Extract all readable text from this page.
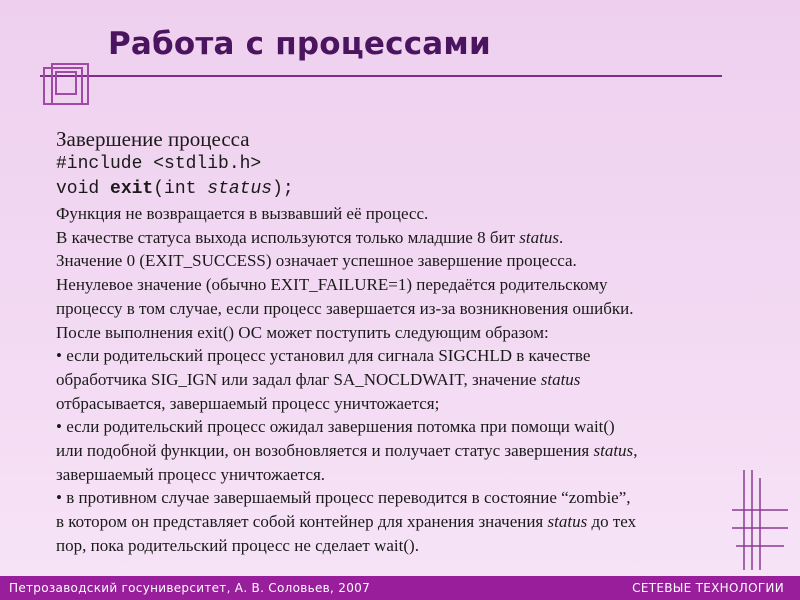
Работа с процессами
Завершение процесса
#include <stdlib.h>
void exit(int status);
Функция не возвращается в вызвавший её процесс.
В качестве статуса выхода используются только младшие 8 бит status.
Значение 0 (EXIT_SUCCESS) означает успешное завершение процесса.
Ненулевое значение (обычно EXIT_FAILURE=1) передаётся родительскому
процессу в том случае, если процесс завершается из-за возникновения ошибки.
После выполнения exit() ОС может поступить следующим образом:
• если родительский процесс установил для сигнала SIGCHLD в качестве
обработчика SIG_IGN или задал флаг SA_NOCLDWAIT, значение status
отбрасывается, завершаемый процесс уничтожается;
• если родительский процесс ожидал завершения потомка при помощи wait()
или подобной функции, он возобновляется и получает статус завершения status,
завершаемый процесс уничтожается.
• в противном случае завершаемый процесс переводится в состояние “zombie”,
в котором он представляет собой контейнер для хранения значения status до тех
пор, пока родительский процесс не сделает wait().
Петрозаводский госуниверситет, А. В. Соловьев, 2007	СЕТЕВЫЕ ТЕХНОЛОГИИ
